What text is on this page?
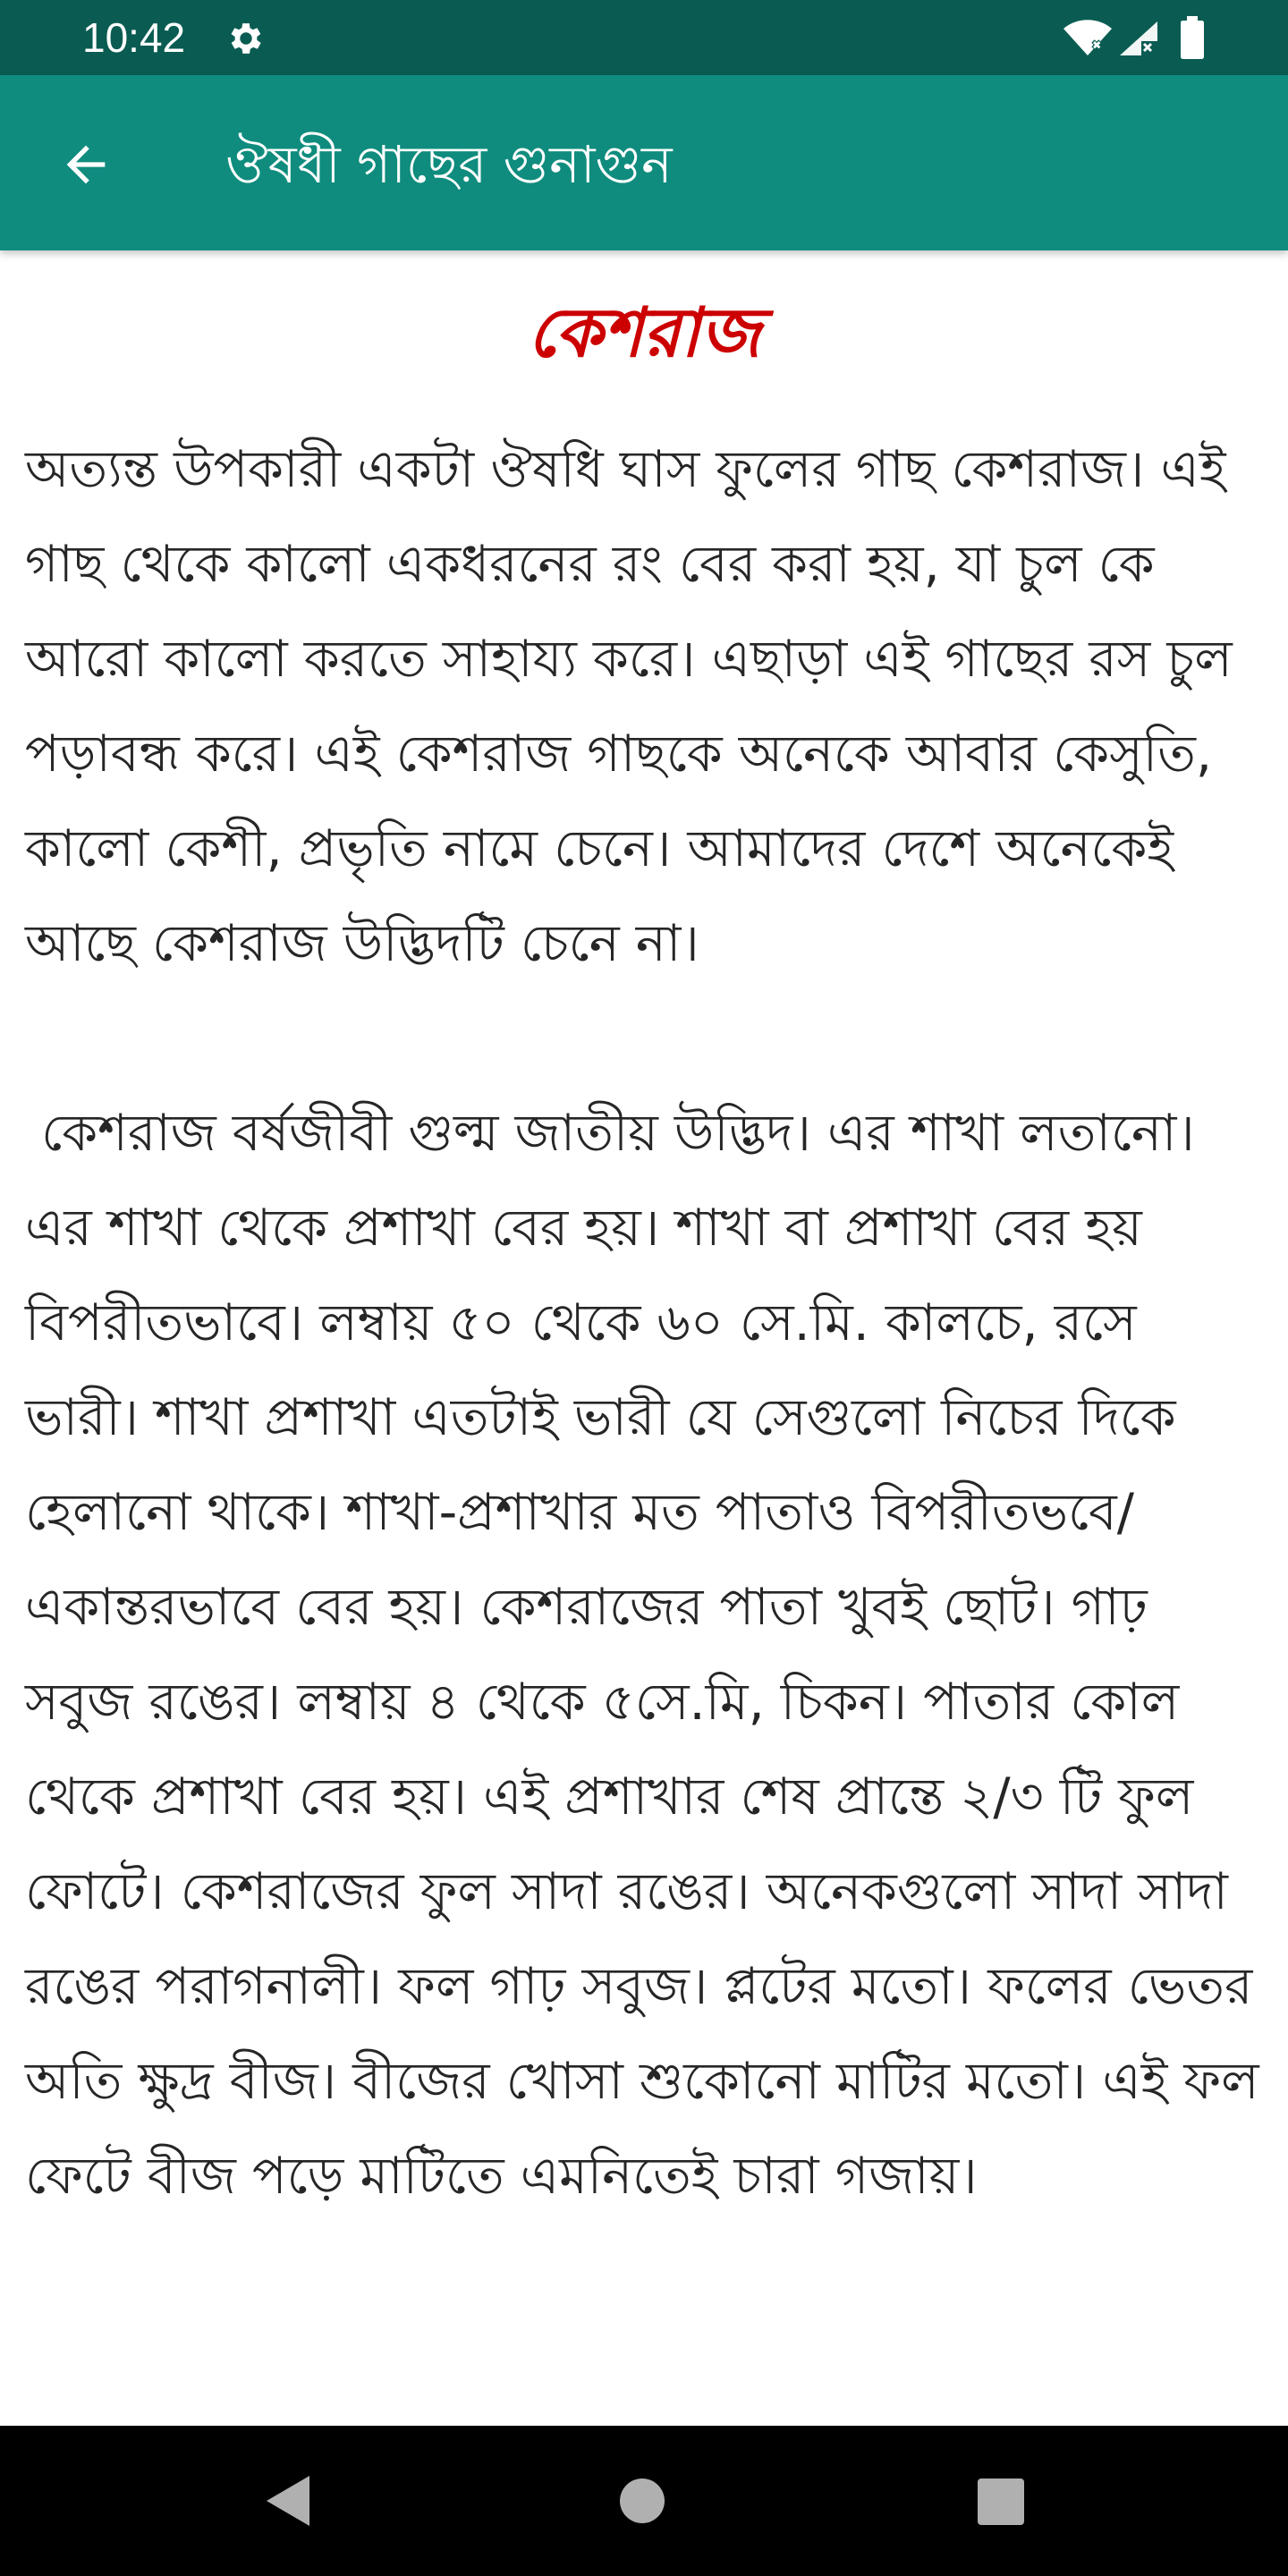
10:42
ঔষধী গাছের গুনাগুন
কেশরাজ
অত্যন্ত উপকারী একটা ঔষধি ঘাস ফুলের গাছ কেশরাজ। এই গাছ থেকে কালো একধরনের রং বের করা হয়, যা চুল কে আরো কালো করতে সাহায্য করে। এছাড়া এই গাছের রস চুল পড়াবন্ধ করে। এই কেশরাজ গাছকে অনেকে আবার কেসুতি, কালো কেশী, প্রভৃতি নামে চেনে। আমাদের দেশে অনেকেই আছে কেশরাজ উদ্ভিদটি চেনে না।

কেশরাজ বর্ষজীবী গুল্ম জাতীয় উদ্ভিদ। এর শাখা লতানো। এর শাখা থেকে প্রশাখা বের হয়। শাখা বা প্রশাখা বের হয় বিপরীতভাবে। লম্বায় ৫০ থেকে ৬০ সে.মি. কালচে, রসে ভারী। শাখা প্রশাখা এতটাই ভারী যে সেগুলো নিচের দিকে হেলানো থাকে। শাখা-প্রশাখার মত পাতাও বিপরীতভবে/একান্তরভাবে বের হয়। কেশরাজের পাতা খুবই ছোট। গাঢ় সবুজ রঙের। লম্বায় ৪ থেকে ৫সে.মি, চিকন। পাতার কোল থেকে প্রশাখা বের হয়। এই প্রশাখার শেষ প্রান্তে ২/৩ টি ফুল ফোটে। কেশরাজের ফুল সাদা রঙের। অনেকগুলো সাদা সাদা রঙের পরাগনালী। ফল গাঢ় সবুজ। প্লটের মতো। ফলের ভেতর অতি ক্ষুদ্র বীজ। বীজের খোসা শুকোনো মাটির মতো। এই ফল ফেটে বীজ পড়ে মাটিতে এমনিতেই চারা গজায়।
